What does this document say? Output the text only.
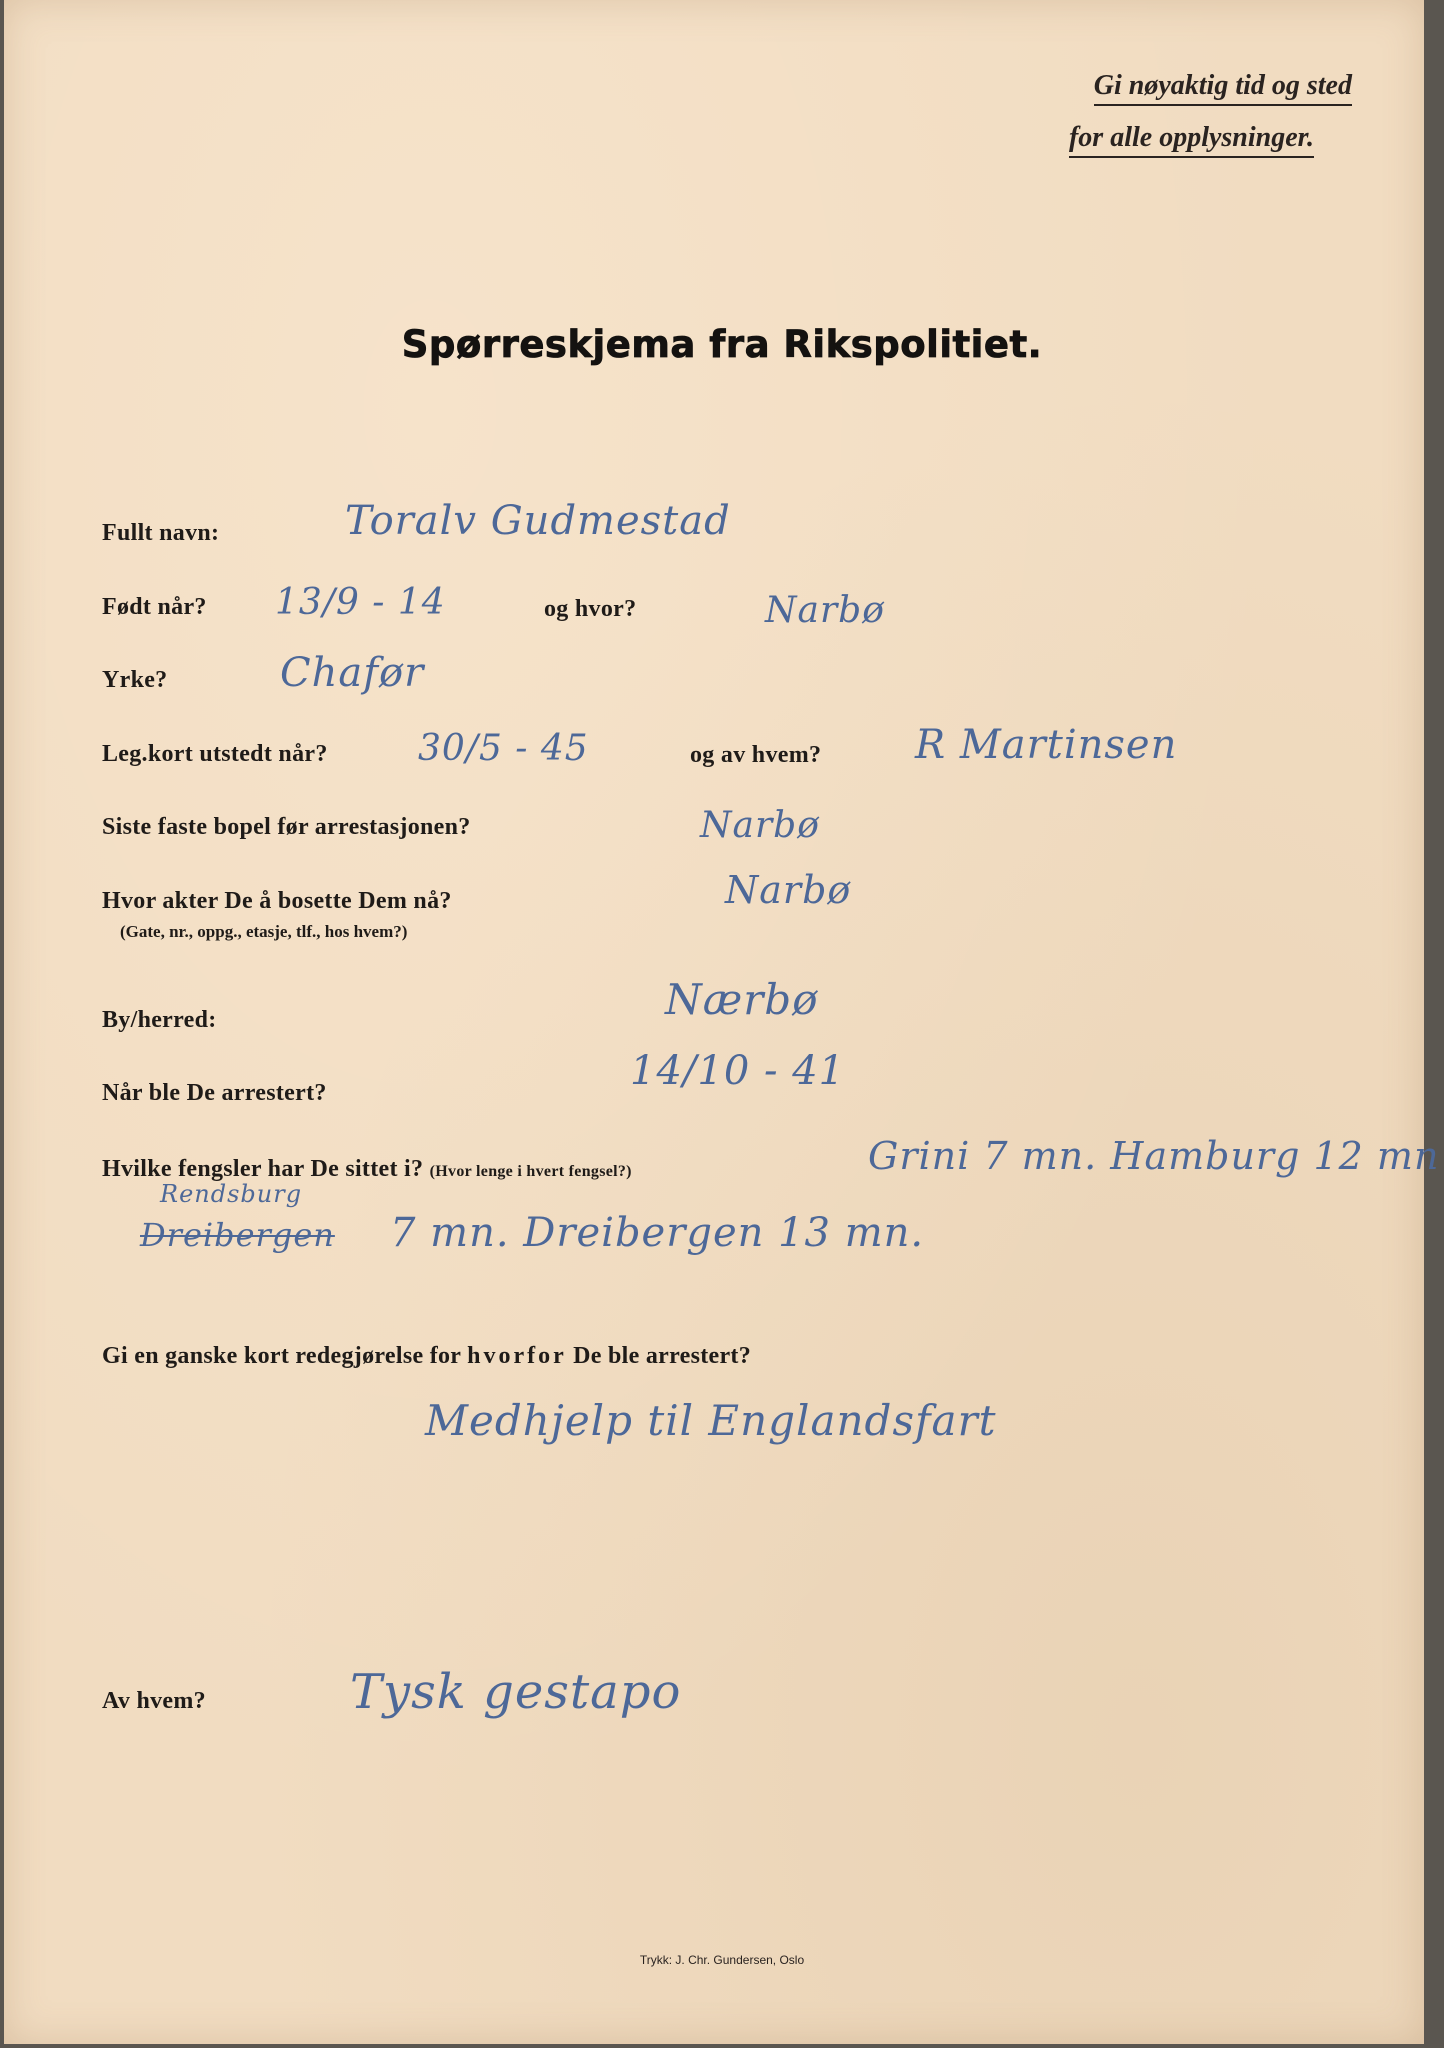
Gi nøyaktig tid og sted
for alle opplysninger.
Spørreskjema fra Rikspolitiet.
Fullt navn:	Toralv Gudmestad
Født når? 13/9 - 14	og hvor?	Narbø
Yrke?	Chafør
Leg.kort utstedt når?	30/5 - 45	og av hvem? R Martinsen
Siste faste bopel før arrestasjonen?	Narbø
Hvor akter De å bosette Dem nå?
(Gate, nr., oppg., etasje, tlf., hos hvem?)
Narbø
By/herred:	Nærbø
Når ble De arrestert?	14/10 - 41
Hvilke fengsler har De sittet i? (Hvor lenge i hvert fengsel?)	Grini 7 mn. Hamburg 12 mn
Rendsburg
Dreibergen 7 mn. Dreibergen 13 mn.
Gi en ganske kort redegjørelse for hvorfor De ble arrestert?
Medhjelp til Englandsfart
Av hvem?	Tysk gestapo
Trykk: J. Chr. Gundersen, Oslo
